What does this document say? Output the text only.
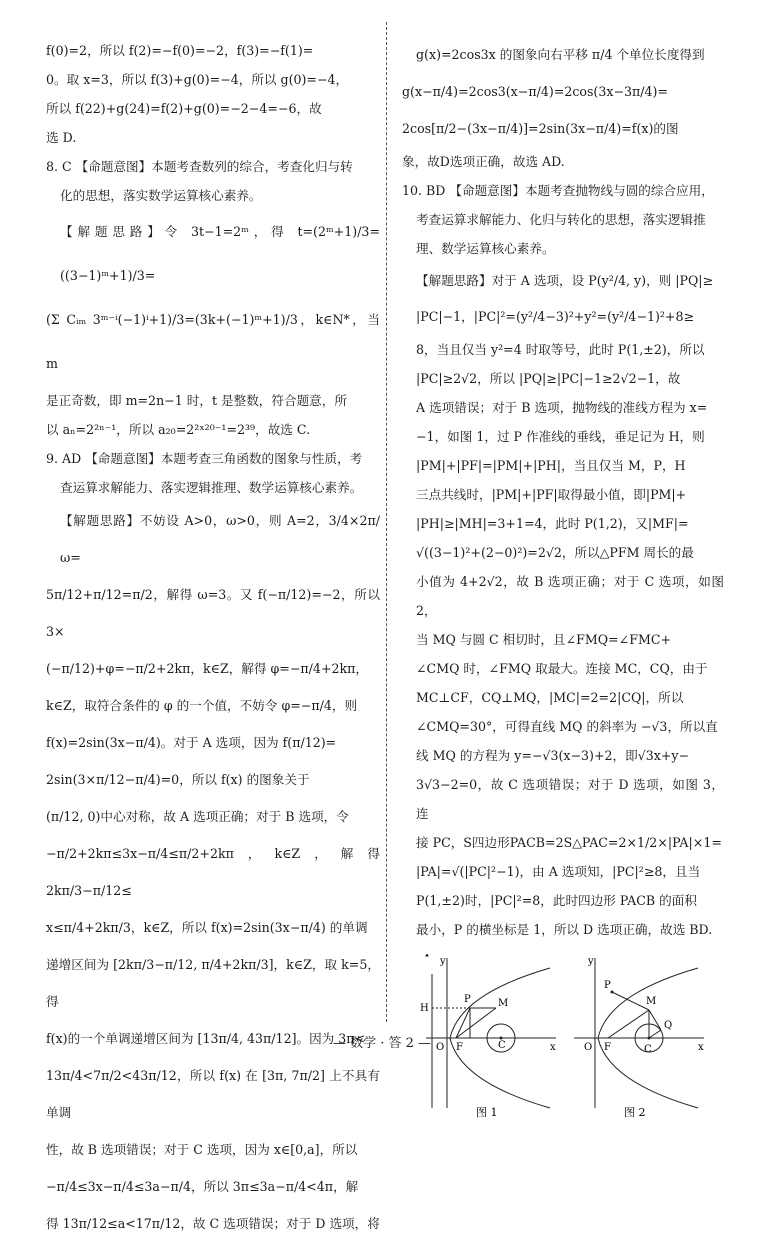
f(0)=2，所以 f(2)=−f(0)=−2，f(3)=−f(1)=

0。取 x=3，所以 f(3)+g(0)=−4，所以 g(0)=−4，

所以 f(22)+g(24)=f(2)+g(0)=−2−4=−6，故

选 D.

8. C 【命题意图】本题考查数列的综合，考查化归与转

化的思想，落实数学运算核心素养。

【解题思路】令 3t−1=2ᵐ，得 t=(2ᵐ+1)/3=((3−1)ᵐ+1)/3=

(Σ Cᵢₘ 3ᵐ⁻ⁱ(−1)ⁱ+1)/3=(3k+(−1)ᵐ+1)/3，k∈N*，当 m

是正奇数，即 m=2n−1 时，t 是整数，符合题意，所

以 aₙ=2²ⁿ⁻¹，所以 a₂₀=2²ˣ²⁰⁻¹=2³⁹，故选 C.

9. AD 【命题意图】本题考查三角函数的图象与性质，考

查运算求解能力、落实逻辑推理、数学运算核心素养。

【解题思路】不妨设 A>0，ω>0，则 A=2，3/4×2π/ω=

5π/12+π/12=π/2，解得 ω=3。又 f(−π/12)=−2，所以 3×

(−π/12)+φ=−π/2+2kπ，k∈Z，解得 φ=−π/4+2kπ，

k∈Z，取符合条件的 φ 的一个值，不妨令 φ=−π/4，则

f(x)=2sin(3x−π/4)。对于 A 选项，因为 f(π/12)=

2sin(3×π/12−π/4)=0，所以 f(x) 的图象关于

(π/12, 0)中心对称，故 A 选项正确；对于 B 选项，令

−π/2+2kπ≤3x−π/4≤π/2+2kπ，k∈Z，解得 2kπ/3−π/12≤

x≤π/4+2kπ/3，k∈Z，所以 f(x)=2sin(3x−π/4) 的单调

递增区间为 [2kπ/3−π/12, π/4+2kπ/3]，k∈Z，取 k=5，得

f(x)的一个单调递增区间为 [13π/4, 43π/12]。因为 3π<

13π/4<7π/2<43π/12，所以 f(x) 在 [3π, 7π/2] 上不具有单调

性，故 B 选项错误；对于 C 选项，因为 x∈[0,a]，所以

−π/4≤3x−π/4≤3a−π/4，所以 3π≤3a−π/4<4π，解

得 13π/12≤a<17π/12，故 C 选项错误；对于 D 选项，将

g(x)=2cos3x 的图象向右平移 π/4 个单位长度得到

g(x−π/4)=2cos3(x−π/4)=2cos(3x−3π/4)=

2cos[π/2−(3x−π/4)]=2sin(3x−π/4)=f(x)的图

象，故D选项正确，故选 AD.

10. BD 【命题意图】本题考查抛物线与圆的综合应用，

考查运算求解能力、化归与转化的思想，落实逻辑推

理、数学运算核心素养。

【解题思路】对于 A 选项，设 P(y²/4, y)，则 |PQ|≥

|PC|−1，|PC|²=(y²/4−3)²+y²=(y²/4−1)²+8≥

8，当且仅当 y²=4 时取等号，此时 P(1,±2)，所以

|PC|≥2√2，所以 |PQ|≥|PC|−1≥2√2−1，故

A 选项错误；对于 B 选项，抛物线的准线方程为 x=

−1，如图 1，过 P 作准线的垂线，垂足记为 H，则

|PM|+|PF|=|PM|+|PH|，当且仅当 M，P，H

三点共线时，|PM|+|PF|取得最小值，即|PM|+

|PH|≥|MH|=3+1=4，此时 P(1,2)，又|MF|=

√((3−1)²+(2−0)²)=2√2，所以△PFM 周长的最

小值为 4+2√2，故 B 选项正确；对于 C 选项，如图 2，

当 MQ 与圆 C 相切时，且∠FMQ=∠FMC+

∠CMQ 时，∠FMQ 取最大。连接 MC，CQ，由于

MC⊥CF，CQ⊥MQ，|MC|=2=2|CQ|，所以

∠CMQ=30°，可得直线 MQ 的斜率为 −√3，所以直

线 MQ 的方程为 y=−√3(x−3)+2，即√3x+y−

3√3−2=0，故 C 选项错误；对于 D 选项，如图 3，连

接 PC，S四边形PACB=2S△PAC=2×1/2×|PA|×1=

|PA|=√(|PC|²−1)，由 A 选项知，|PC|²≥8，且当

P(1,±2)时，|PC|²=8，此时四边形 PACB 的面积

最小，P 的横坐标是 1，所以 D 选项正确，故选 BD.

y
x
O F	C
P	M
H
图 1
y
x
O F	C
P
M
Q
图 2
— 数学 · 答 2 —
